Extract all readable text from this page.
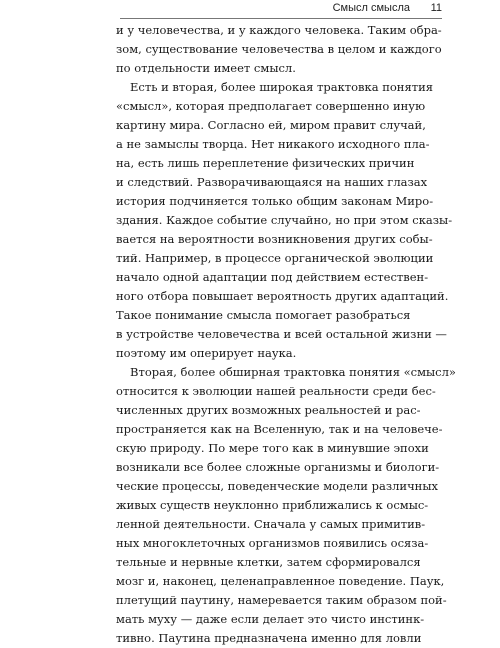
Смысл смысла 11
и у человечества, и у каждого человека. Таким обра-
зом, существование человечества в целом и каждого
по отдельности имеет смысл.
Есть и вторая, более широкая трактовка понятия
«смысл», которая предполагает совершенно иную
картину мира. Согласно ей, миром правит случай,
а не замыслы творца. Нет никакого исходного пла-
на, есть лишь переплетение физических причин
и следствий. Разворачивающаяся на наших глазах
история подчиняется только общим законам Миро-
здания. Каждое событие случайно, но при этом сказы-
вается на вероятности возникновения других собы-
тий. Например, в процессе органической эволюции
начало одной адаптации под действием естествен-
ного отбора повышает вероятность других адаптаций.
Такое понимание смысла помогает разобраться
в устройстве человечества и всей остальной жизни —
поэтому им оперирует наука.
Вторая, более обширная трактовка понятия «смысл»
относится к эволюции нашей реальности среди бес-
численных других возможных реальностей и рас-
пространяется как на Вселенную, так и на человече-
скую природу. По мере того как в минувшие эпохи
возникали все более сложные организмы и биологи-
ческие процессы, поведенческие модели различных
живых существ неуклонно приближались к осмыс-
ленной деятельности. Сначала у самых примитив-
ных многоклеточных организмов появились осяза-
тельные и нервные клетки, затем сформировался
мозг и, наконец, целенаправленное поведение. Паук,
плетущий паутину, намеревается таким образом пой-
мать муху — даже если делает это чисто инстинк-
тивно. Паутина предназначена именно для ловли
